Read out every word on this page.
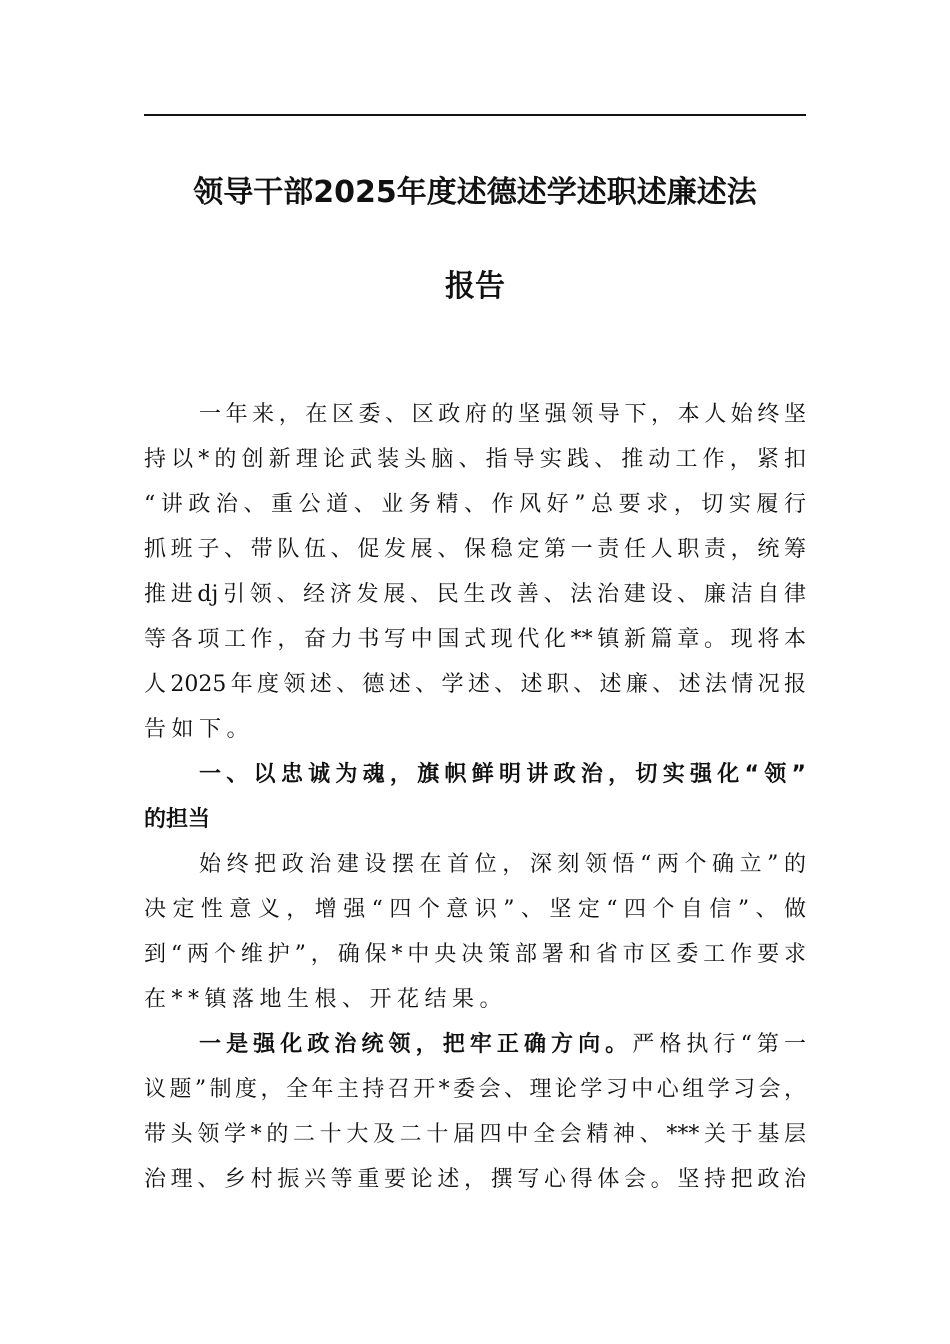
领导干部2025年度述德述学述职述廉述法
报告

一年来，在区委、区政府的坚强领导下，本人始终坚

持以*的创新理论武装头脑、指导实践、推动工作，紧扣

“讲政治、重公道、业务精、作风好”总要求，切实履行

抓班子、带队伍、促发展、保稳定第一责任人职责，统筹

推进dj引领、经济发展、民生改善、法治建设、廉洁自律

等各项工作，奋力书写中国式现代化**镇新篇章。现将本

人2025年度领述、德述、学述、述职、述廉、述法情况报

告如下。

一、以忠诚为魂，旗帜鲜明讲政治，切实强化“领”

的担当

始终把政治建设摆在首位，深刻领悟“两个确立”的

决定性意义，增强“四个意识”、坚定“四个自信”、做

到“两个维护”，确保*中央决策部署和省市区委工作要求

在**镇落地生根、开花结果。

一是强化政治统领，把牢正确方向。严格执行“第一

议题”制度，全年主持召开*委会、理论学习中心组学习会，

带头领学*的二十大及二十届四中全会精神、***关于基层

治理、乡村振兴等重要论述，撰写心得体会。坚持把政治
